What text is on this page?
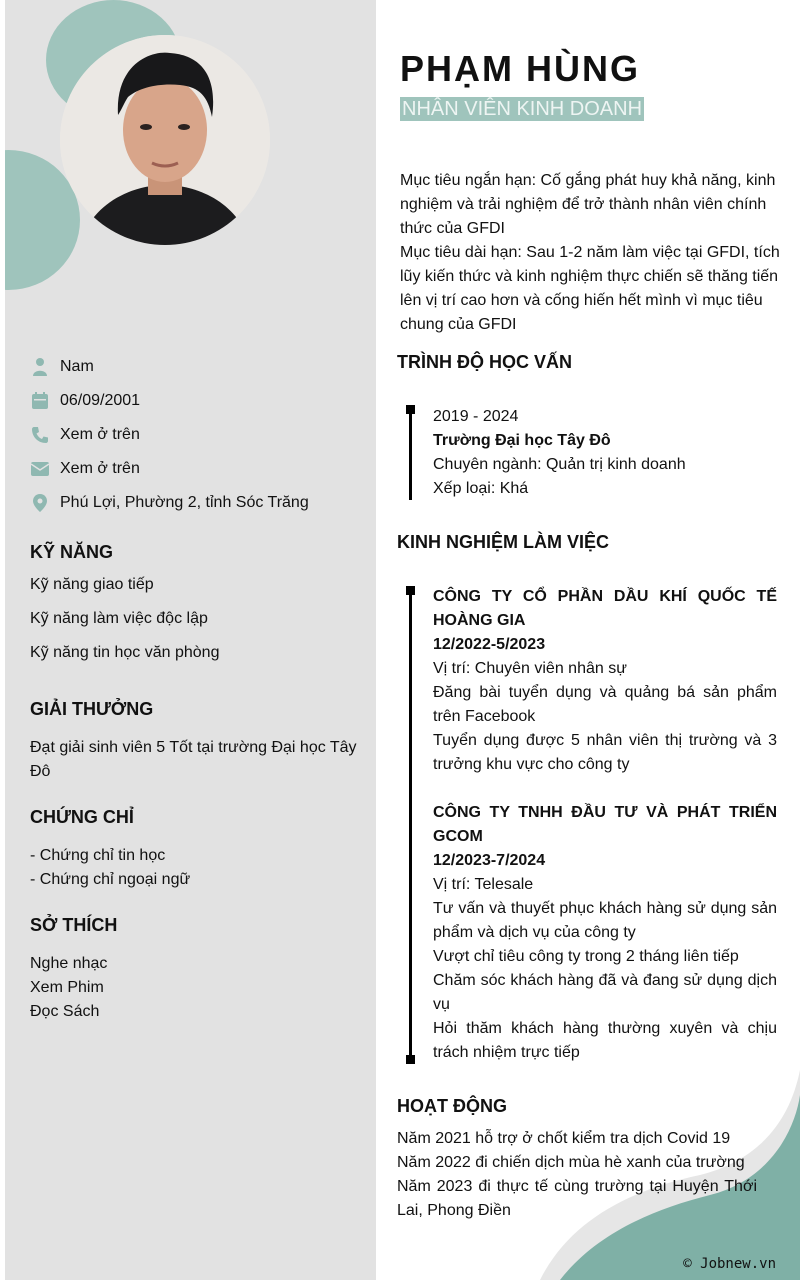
Nam
06/09/2001
Xem ở trên
Xem ở trên
Phú Lợi, Phường 2, tỉnh Sóc Trăng
KỸ NĂNG
Kỹ năng giao tiếp
Kỹ năng làm việc độc lập
Kỹ năng tin học văn phòng
GIẢI THƯỞNG
Đạt giải sinh viên 5 Tốt tại trường Đại học Tây Đô
CHỨNG CHỈ
- Chứng chỉ tin học
- Chứng chỉ ngoại ngữ
SỞ THÍCH
Nghe nhạc
Xem Phim
Đọc Sách
PHẠM HÙNG
NHÂN VIÊN KINH DOANH
Mục tiêu ngắn hạn: Cố gắng phát huy khả năng, kinh nghiệm và trải nghiệm để trở thành nhân viên chính thức của GFDI
Mục tiêu dài hạn: Sau 1-2 năm làm việc tại GFDI, tích lũy kiến thức và kinh nghiệm thực chiến sẽ thăng tiến lên vị trí cao hơn và cống hiến hết mình vì mục tiêu chung của GFDI
TRÌNH ĐỘ HỌC VẤN
2019 - 2024
Trường Đại học Tây Đô
Chuyên ngành: Quản trị kinh doanh
Xếp loại: Khá
KINH NGHIỆM LÀM VIỆC
CÔNG TY CỔ PHẦN DẦU KHÍ QUỐC TẾ HOÀNG GIA
12/2022-5/2023
Vị trí: Chuyên viên nhân sự
Đăng bài tuyển dụng và quảng bá sản phẩm trên Facebook
Tuyển dụng được 5 nhân viên thị trường và 3 trưởng khu vực cho công ty
CÔNG TY TNHH ĐẦU TƯ VÀ PHÁT TRIỂN GCOM
12/2023-7/2024
Vị trí: Telesale
Tư vấn và thuyết phục khách hàng sử dụng sản phẩm và dịch vụ của công ty
Vượt chỉ tiêu công ty trong 2 tháng liên tiếp
Chăm sóc khách hàng đã và đang sử dụng dịch vụ
Hỏi thăm khách hàng thường xuyên và chịu trách nhiệm trực tiếp
HOẠT ĐỘNG
Năm 2021 hỗ trợ ở chốt kiểm tra dịch Covid 19
Năm 2022 đi chiến dịch mùa hè xanh của trường
Năm 2023 đi thực tế cùng trường tại Huyện Thới Lai, Phong Điền
© Jobnew.vn
